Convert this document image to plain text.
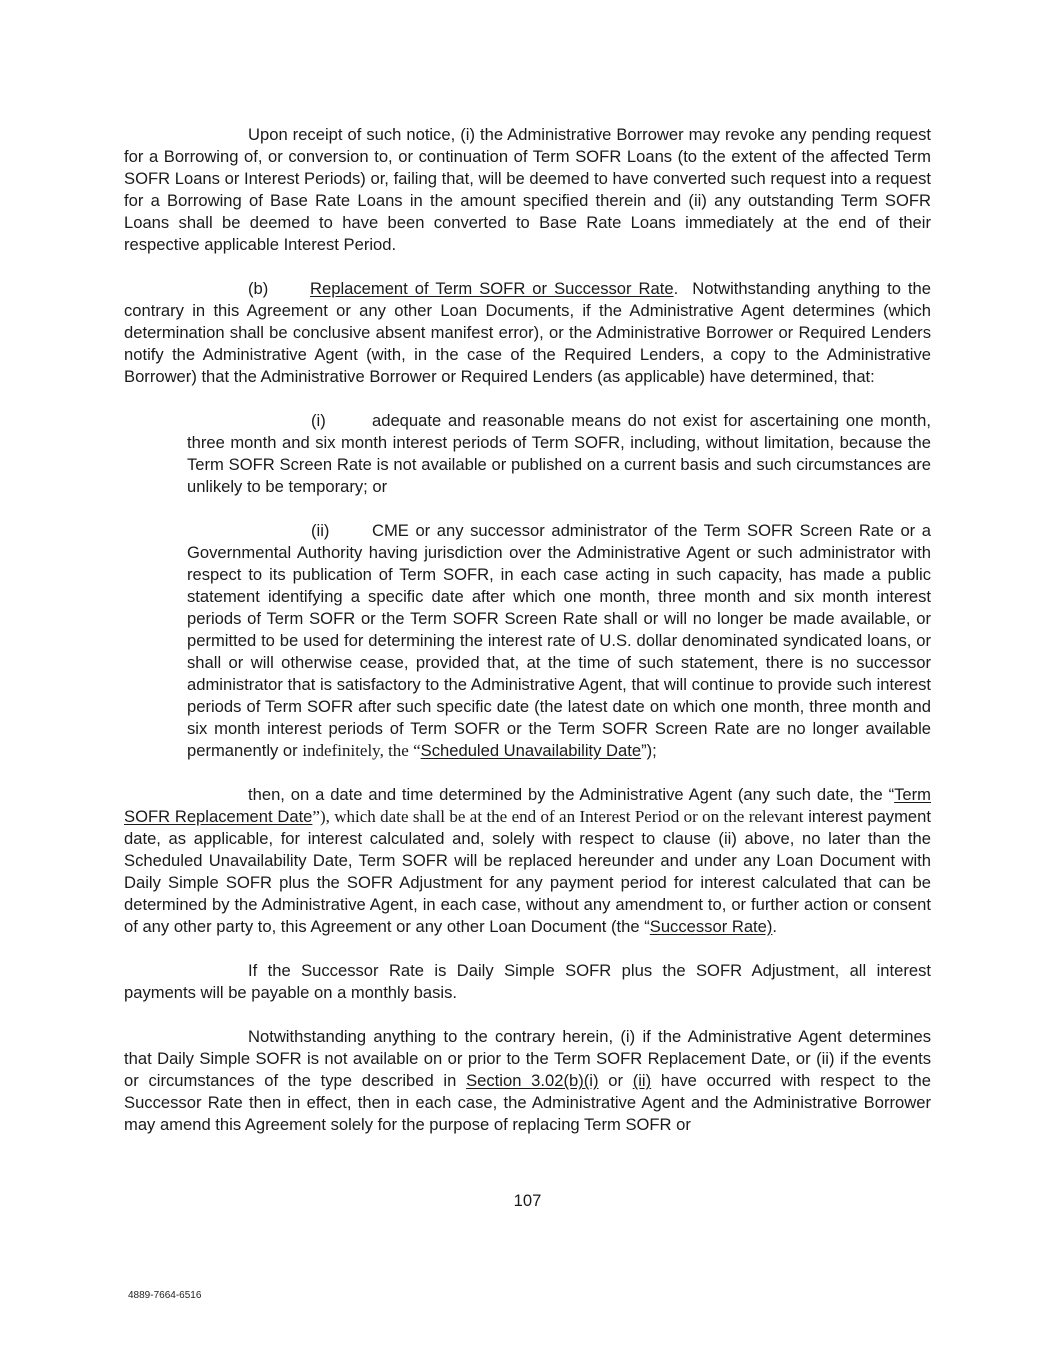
Upon receipt of such notice, (i) the Administrative Borrower may revoke any pending request for a Borrowing of, or conversion to, or continuation of Term SOFR Loans (to the extent of the affected Term SOFR Loans or Interest Periods) or, failing that, will be deemed to have converted such request into a request for a Borrowing of Base Rate Loans in the amount specified therein and (ii) any outstanding Term SOFR Loans shall be deemed to have been converted to Base Rate Loans immediately at the end of their respective applicable Interest Period.

(b)	Replacement of Term SOFR or Successor Rate. Notwithstanding anything to the contrary in this Agreement or any other Loan Documents, if the Administrative Agent determines (which determination shall be conclusive absent manifest error), or the Administrative Borrower or Required Lenders notify the Administrative Agent (with, in the case of the Required Lenders, a copy to the Administrative Borrower) that the Administrative Borrower or Required Lenders (as applicable) have determined, that:

(i)	adequate and reasonable means do not exist for ascertaining one month, three month and six month interest periods of Term SOFR, including, without limitation, because the Term SOFR Screen Rate is not available or published on a current basis and such circumstances are unlikely to be temporary; or

(ii)	CME or any successor administrator of the Term SOFR Screen Rate or a Governmental Authority having jurisdiction over the Administrative Agent or such administrator with respect to its publication of Term SOFR, in each case acting in such capacity, has made a public statement identifying a specific date after which one month, three month and six month interest periods of Term SOFR or the Term SOFR Screen Rate shall or will no longer be made available, or permitted to be used for determining the interest rate of U.S. dollar denominated syndicated loans, or shall or will otherwise cease, provided that, at the time of such statement, there is no successor administrator that is satisfactory to the Administrative Agent, that will continue to provide such interest periods of Term SOFR after such specific date (the latest date on which one month, three month and six month interest periods of Term SOFR or the Term SOFR Screen Rate are no longer available permanently or indefinitely, the “Scheduled Unavailability Date”);

then, on a date and time determined by the Administrative Agent (any such date, the “Term SOFR Replacement Date”), which date shall be at the end of an Interest Period or on the relevant interest payment date, as applicable, for interest calculated and, solely with respect to clause (ii) above, no later than the Scheduled Unavailability Date, Term SOFR will be replaced hereunder and under any Loan Document with Daily Simple SOFR plus the SOFR Adjustment for any payment period for interest calculated that can be determined by the Administrative Agent, in each case, without any amendment to, or further action or consent of any other party to, this Agreement or any other Loan Document (the “Successor Rate).

If the Successor Rate is Daily Simple SOFR plus the SOFR Adjustment, all interest payments will be payable on a monthly basis.

Notwithstanding anything to the contrary herein, (i) if the Administrative Agent determines that Daily Simple SOFR is not available on or prior to the Term SOFR Replacement Date, or (ii) if the events or circumstances of the type described in Section 3.02(b)(i) or (ii) have occurred with respect to the Successor Rate then in effect, then in each case, the Administrative Agent and the Administrative Borrower may amend this Agreement solely for the purpose of replacing Term SOFR or

107
4889-7664-6516
